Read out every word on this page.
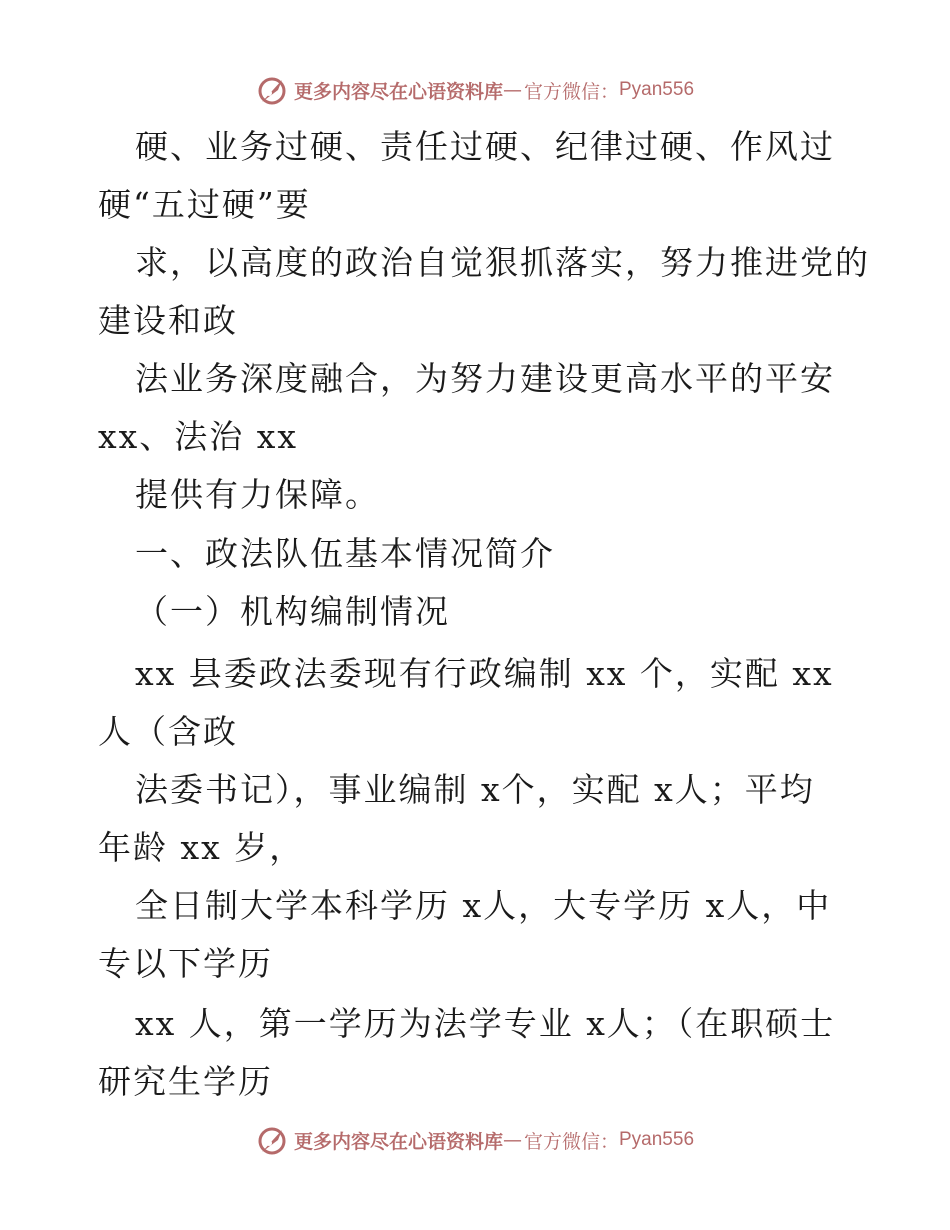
更多内容尽在心语资料库 — 官方微信： Pyan556
硬、业务过硬、责任过硬、纪律过硬、作风过
硬“五过硬”要
求，以高度的政治自觉狠抓落实，努力推进党的
建设和政
法业务深度融合，为努力建设更高水平的平安
xx、法治 xx
提供有力保障。
一、政法队伍基本情况简介
（一）机构编制情况
xx 县委政法委现有行政编制 xx 个，实配 xx
人（含政
法委书记），事业编制 x个，实配 x人；平均
年龄 xx 岁，
全日制大学本科学历 x人，大专学历 x人，中
专以下学历
xx 人，第一学历为法学专业 x人；（在职硕士
研究生学历
更多内容尽在心语资料库 — 官方微信： Pyan556
